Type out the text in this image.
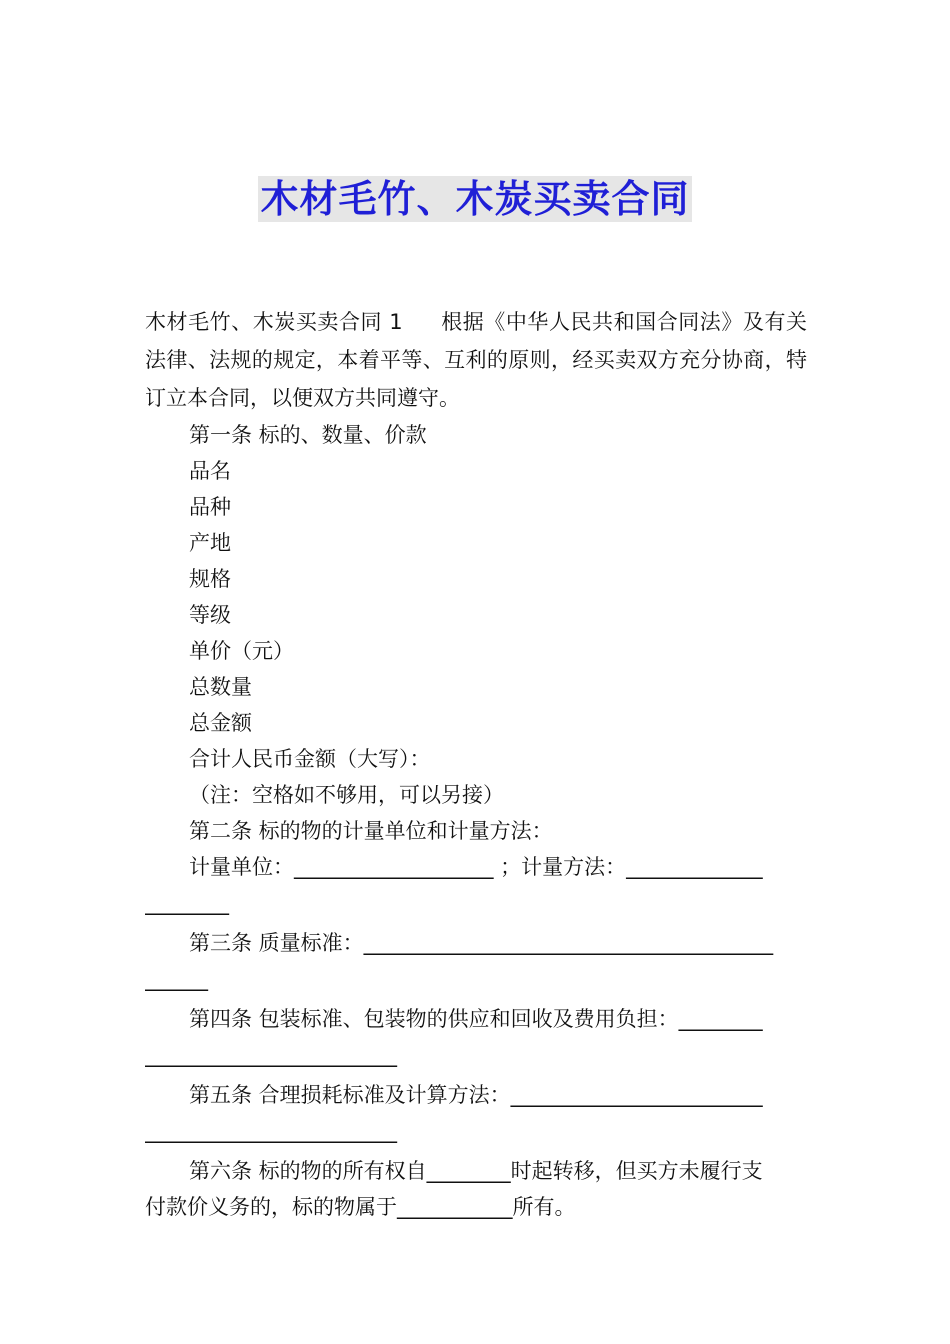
木材毛竹、木炭买卖合同

木材毛竹、木炭买卖合同 1 根据《中华人民共和国合同法》及有关法律、法规的规定，本着平等、互利的原则，经买卖双方充分协商，特订立本合同，以便双方共同遵守。

第一条 标的、数量、价款

品名

品种

产地

规格

等级

单价（元）

总数量

总金额

合计人民币金额（大写）：

（注：空格如不够用，可以另接）

第二条 标的物的计量单位和计量方法：

计量单位：___________________ ；计量方法：_____________

________

第三条 质量标准：_______________________________________

______

第四条 包装标准、包装物的供应和回收及费用负担：________

________________________

第五条 合理损耗标准及计算方法：________________________

________________________

第六条 标的物的所有权自________时起转移，但买方未履行支

付款价义务的，标的物属于___________所有。
